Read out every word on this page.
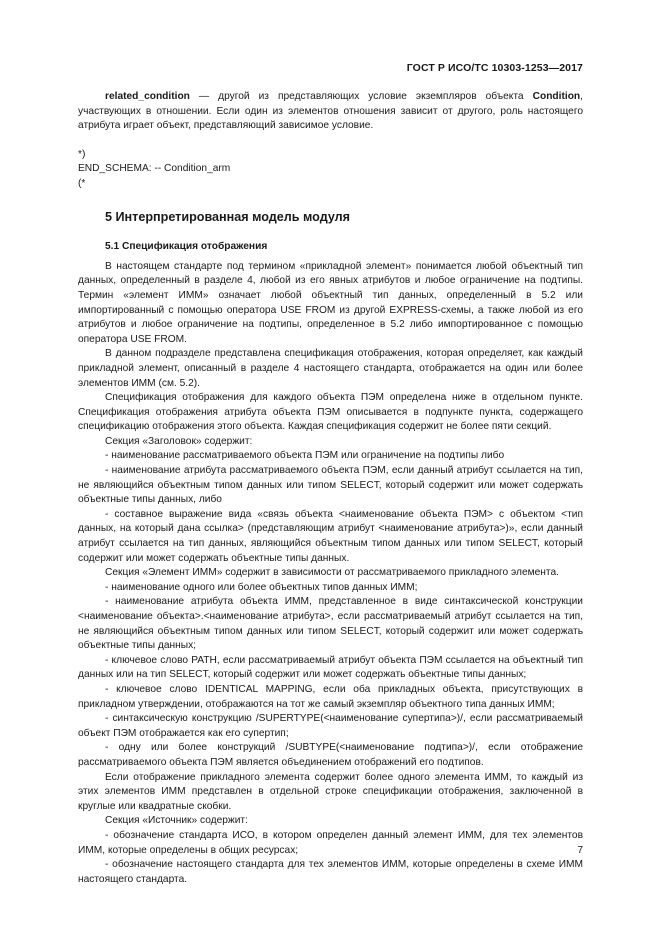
ГОСТ Р ИСО/ТС 10303-1253—2017

related_condition — другой из представляющих условие экземпляров объекта Condition, участвующих в отношении. Если один из элементов отношения зависит от другого, роль настоящего атрибута играет объект, представляющий зависимое условие.

*)

END_SCHEMA: -- Condition_arm

(*

5 Интерпретированная модель модуля

5.1 Спецификация отображения

В настоящем стандарте под термином «прикладной элемент» понимается любой объектный тип данных, определенный в разделе 4, любой из его явных атрибутов и любое ограничение на подтипы. Термин «элемент ИММ» означает любой объектный тип данных, определенный в 5.2 или импортированный с помощью оператора USE FROM из другой EXPRESS-схемы, а также любой из его атрибутов и любое ограничение на подтипы, определенное в 5.2 либо импортированное с помощью оператора USE FROM.

В данном подразделе представлена спецификация отображения, которая определяет, как каждый прикладной элемент, описанный в разделе 4 настоящего стандарта, отображается на один или более элементов ИММ (см. 5.2).

Спецификация отображения для каждого объекта ПЭМ определена ниже в отдельном пункте. Спецификация отображения атрибута объекта ПЭМ описывается в подпункте пункта, содержащего спецификацию отображения этого объекта. Каждая спецификация содержит не более пяти секций.

Секция «Заголовок» содержит:

- наименование рассматриваемого объекта ПЭМ или ограничение на подтипы либо

- наименование атрибута рассматриваемого объекта ПЭМ, если данный атрибут ссылается на тип, не являющийся объектным типом данных или типом SELECT, который содержит или может содержать объектные типы данных, либо

- составное выражение вида «связь объекта <наименование объекта ПЭМ> с объектом <тип данных, на который дана ссылка> (представляющим атрибут <наименование атрибута>)», если данный атрибут ссылается на тип данных, являющийся объектным типом данных или типом SELECT, который содержит или может содержать объектные типы данных.

Секция «Элемент ИММ» содержит в зависимости от рассматриваемого прикладного элемента.

- наименование одного или более объектных типов данных ИММ;

- наименование атрибута объекта ИММ, представленное в виде синтаксической конструкции <наименование объекта>.<наименование атрибута>, если рассматриваемый атрибут ссылается на тип, не являющийся объектным типом данных или типом SELECT, который содержит или может содержать объектные типы данных;

- ключевое слово PATH, если рассматриваемый атрибут объекта ПЭМ ссылается на объектный тип данных или на тип SELECT, который содержит или может содержать объектные типы данных;

- ключевое слово IDENTICAL MAPPING, если оба прикладных объекта, присутствующих в прикладном утверждении, отображаются на тот же самый экземпляр объектного типа данных ИММ;

- синтаксическую конструкцию /SUPERTYPE(<наименование супертипа>)/, если рассматриваемый объект ПЭМ отображается как его супертип;

- одну или более конструкций /SUBTYPE(<наименование подтипа>)/, если отображение рассматриваемого объекта ПЭМ является объединением отображений его подтипов.

Если отображение прикладного элемента содержит более одного элемента ИММ, то каждый из этих элементов ИММ представлен в отдельной строке спецификации отображения, заключенной в круглые или квадратные скобки.

Секция «Источник» содержит:

- обозначение стандарта ИСО, в котором определен данный элемент ИММ, для тех элементов ИММ, которые определены в общих ресурсах;

- обозначение настоящего стандарта для тех элементов ИММ, которые определены в схеме ИММ настоящего стандарта.

7
